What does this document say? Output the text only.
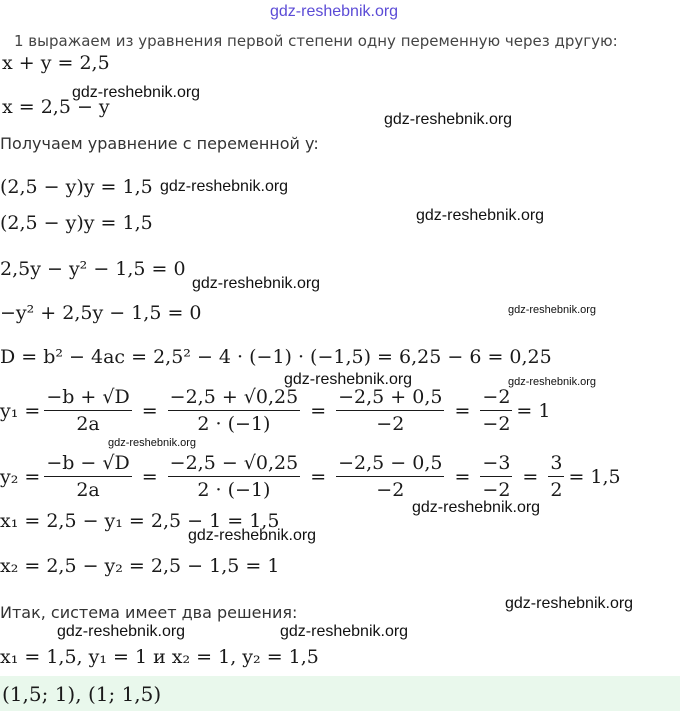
gdz-reshebnik.org
1 выражаем из уравнения первой степени одну переменную через другую:
x + y = 2,5
gdz-reshebnik.org
x = 2,5 − y
gdz-reshebnik.org
Получаем уравнение с переменной y:
(2,5 − y)y = 1,5 gdz-reshebnik.org
gdz-reshebnik.org
(2,5 − y)y = 1,5
2,5y − y² − 1,5 = 0
gdz-reshebnik.org
−y² + 2,5y − 1,5 = 0	gdz-reshebnik.org
D = b² − 4ac = 2,5² − 4 · (−1) · (−1,5) = 6,25 − 6 = 0,25
gdz-reshebnik.org	gdz-reshebnik.org
$y_1 = \frac{-b + √D}{2a} = \frac{-2,5 + √0,25}{2 \cdot (-1)} = \frac{-2,5 + 0,5}{-2} = \frac{-2}{-2} = 1$
gdz-reshebnik.org
$y_2 = \frac{-b - √D}{2a} = \frac{-2,5 - √0,25}{2 \cdot (-1)} = \frac{-2,5 - 0,5}{-2} = \frac{-3}{-2} = \frac{3}{2} = 1,5$
gdz-reshebnik.org
x₁ = 2,5 − y₁ = 2,5 − 1 = 1,5
gdz-reshebnik.org
x₂ = 2,5 − y₂ = 2,5 − 1,5 = 1
Итак, система имеет два решения:	gdz-reshebnik.org
gdz-reshebnik.org	gdz-reshebnik.org
x₁ = 1,5, y₁ = 1 и x₂ = 1, y₂ = 1,5
(1,5; 1), (1; 1,5)
